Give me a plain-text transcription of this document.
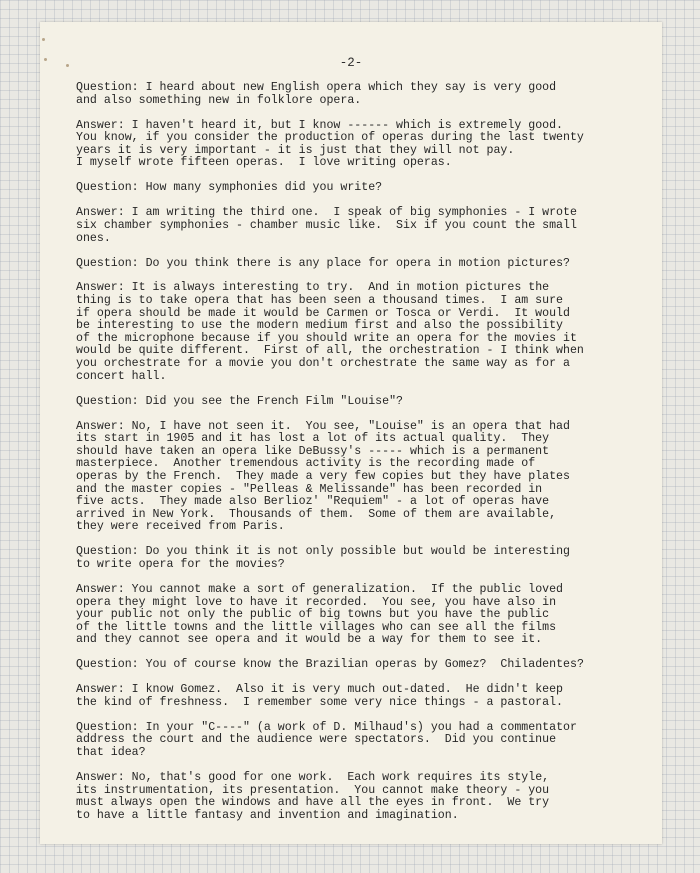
-2-

Question: I heard about new English opera which they say is very good
and also something new in folklore opera.

Answer: I haven't heard it, but I know ------ which is extremely good.
You know, if you consider the production of operas during the last twenty
years it is very important - it is just that they will not pay.
I myself wrote fifteen operas.  I love writing operas.

Question: How many symphonies did you write?

Answer: I am writing the third one.  I speak of big symphonies - I wrote
six chamber symphonies - chamber music like.  Six if you count the small
ones.

Question: Do you think there is any place for opera in motion pictures?

Answer: It is always interesting to try.  And in motion pictures the
thing is to take opera that has been seen a thousand times.  I am sure
if opera should be made it would be Carmen or Tosca or Verdi.  It would
be interesting to use the modern medium first and also the possibility
of the microphone because if you should write an opera for the movies it
would be quite different.  First of all, the orchestration - I think when
you orchestrate for a movie you don't orchestrate the same way as for a
concert hall.

Question: Did you see the French Film "Louise"?

Answer: No, I have not seen it.  You see, "Louise" is an opera that had
its start in 1905 and it has lost a lot of its actual quality.  They
should have taken an opera like DeBussy's ----- which is a permanent
masterpiece.  Another tremendous activity is the recording made of
operas by the French.  They made a very few copies but they have plates
and the master copies - "Pelleas & Melissande" has been recorded in
five acts.  They made also Berlioz' "Requiem" - a lot of operas have
arrived in New York.  Thousands of them.  Some of them are available,
they were received from Paris.

Question: Do you think it is not only possible but would be interesting
to write opera for the movies?

Answer: You cannot make a sort of generalization.  If the public loved
opera they might love to have it recorded.  You see, you have also in
your public not only the public of big towns but you have the public
of the little towns and the little villages who can see all the films
and they cannot see opera and it would be a way for them to see it.

Question: You of course know the Brazilian operas by Gomez?  Chiladentes?

Answer: I know Gomez.  Also it is very much out-dated.  He didn't keep
the kind of freshness.  I remember some very nice things - a pastoral.

Question: In your "C----" (a work of D. Milhaud's) you had a commentator
address the court and the audience were spectators.  Did you continue
that idea?

Answer: No, that's good for one work.  Each work requires its style,
its instrumentation, its presentation.  You cannot make theory - you
must always open the windows and have all the eyes in front.  We try
to have a little fantasy and invention and imagination.
